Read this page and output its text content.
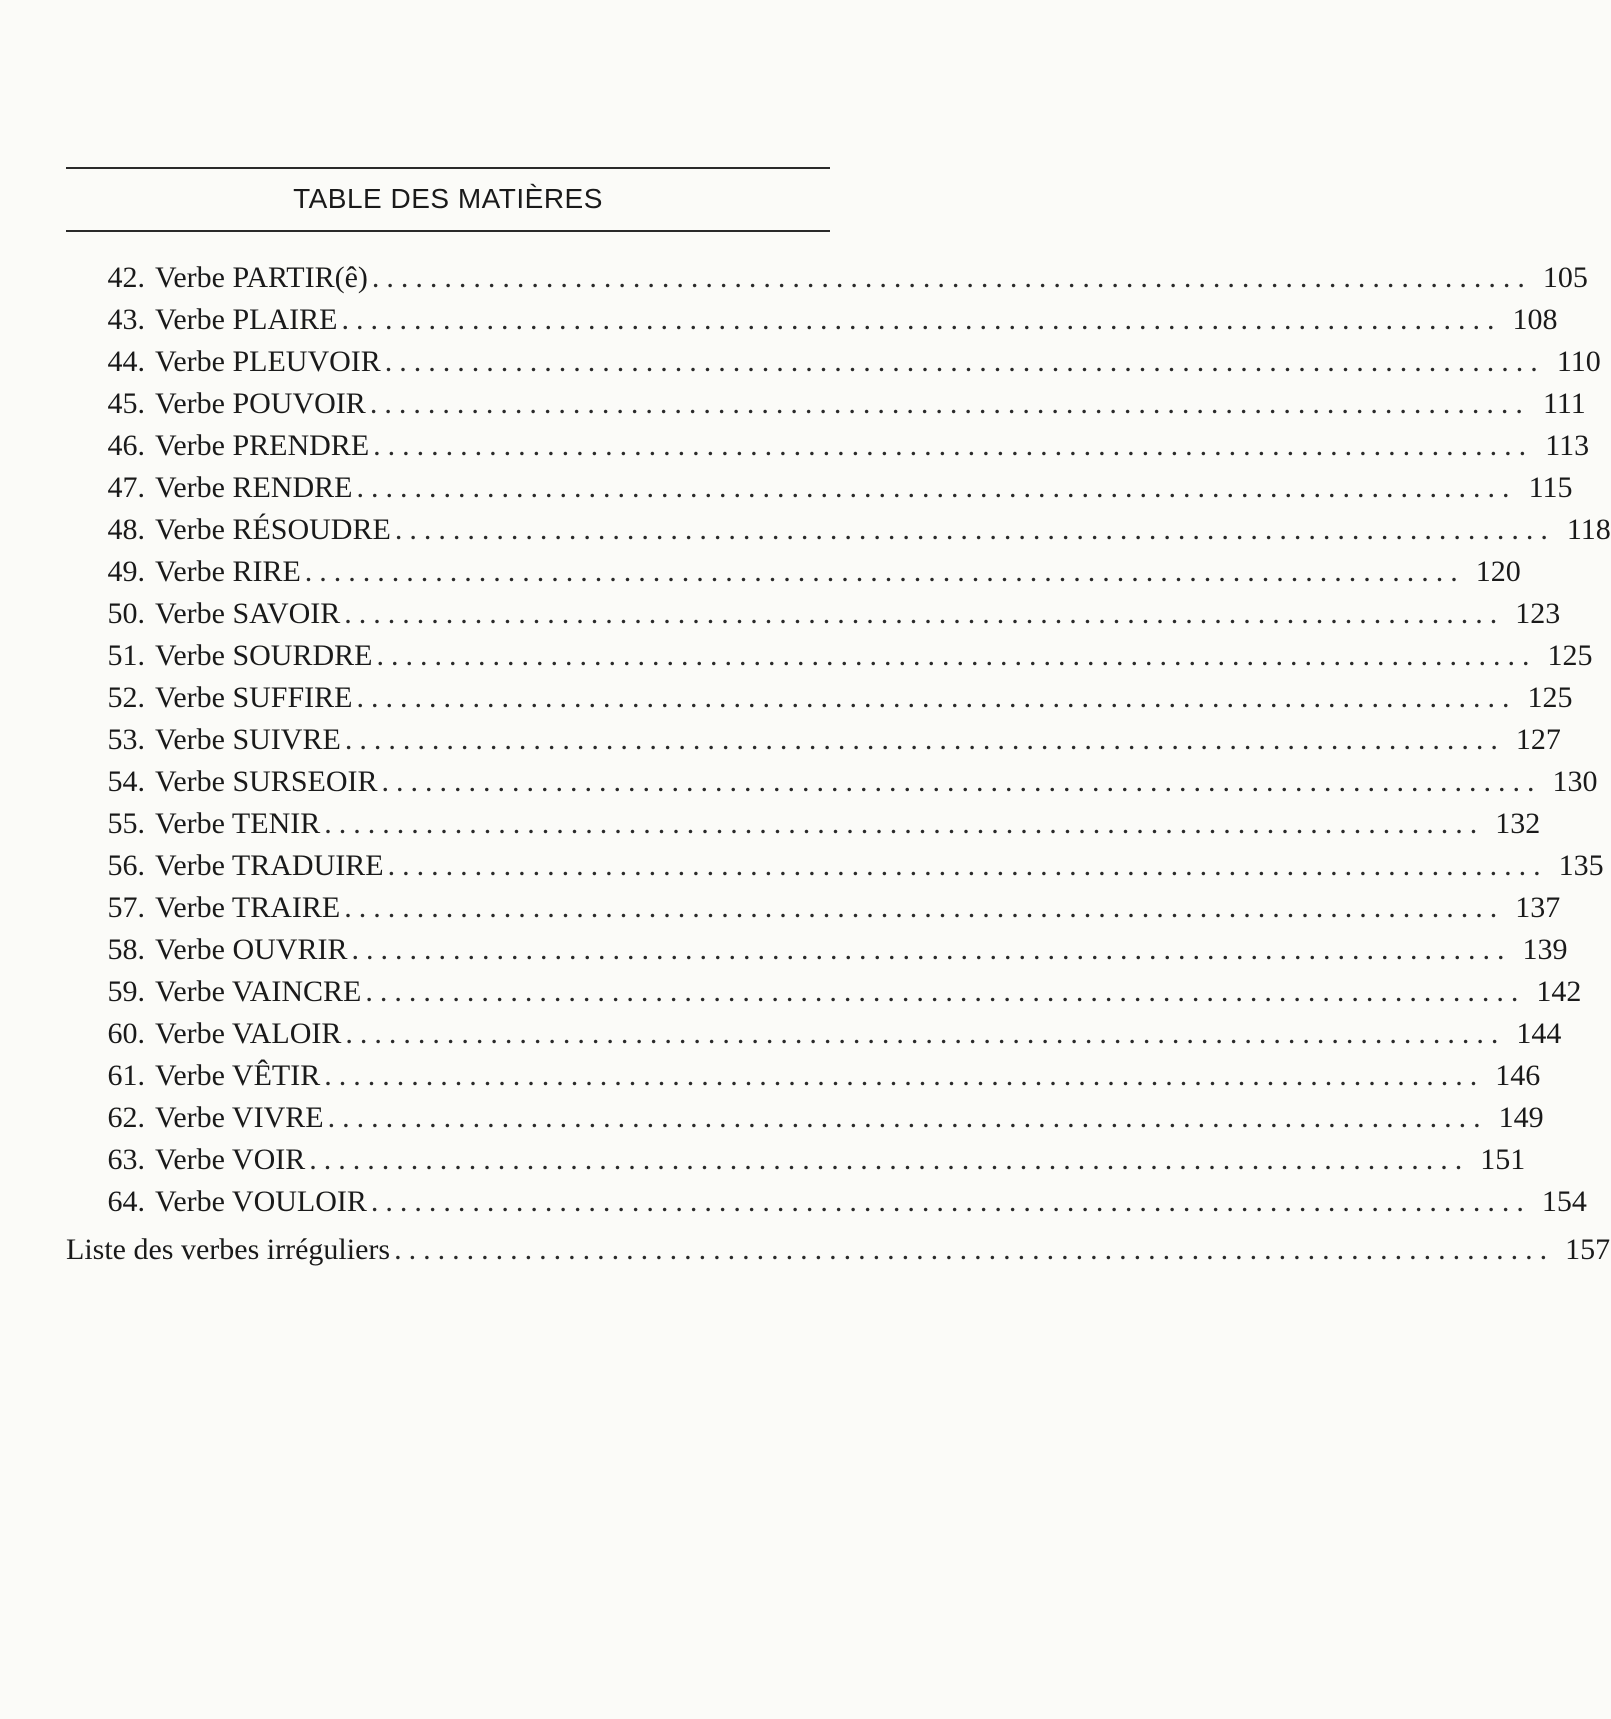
TABLE DES MATIÈRES
42. Verbe PARTIR(ê) ................................................................................ 105
43. Verbe PLAIRE ................................................................................ 108
44. Verbe PLEUVOIR ................................................................................ 110
45. Verbe POUVOIR ................................................................................ 111
46. Verbe PRENDRE ................................................................................ 113
47. Verbe RENDRE ................................................................................ 115
48. Verbe RÉSOUDRE ................................................................................ 118
49. Verbe RIRE ................................................................................ 120
50. Verbe SAVOIR ................................................................................ 123
51. Verbe SOURDRE ................................................................................ 125
52. Verbe SUFFIRE ................................................................................ 125
53. Verbe SUIVRE ................................................................................ 127
54. Verbe SURSEOIR ................................................................................ 130
55. Verbe TENIR ................................................................................ 132
56. Verbe TRADUIRE ................................................................................ 135
57. Verbe TRAIRE ................................................................................ 137
58. Verbe OUVRIR ................................................................................ 139
59. Verbe VAINCRE ................................................................................ 142
60. Verbe VALOIR ................................................................................ 144
61. Verbe VÊTIR ................................................................................ 146
62. Verbe VIVRE ................................................................................ 149
63. Verbe VOIR ................................................................................ 151
64. Verbe VOULOIR ................................................................................ 154
Liste des verbes irréguliers ................................................................................ 157
